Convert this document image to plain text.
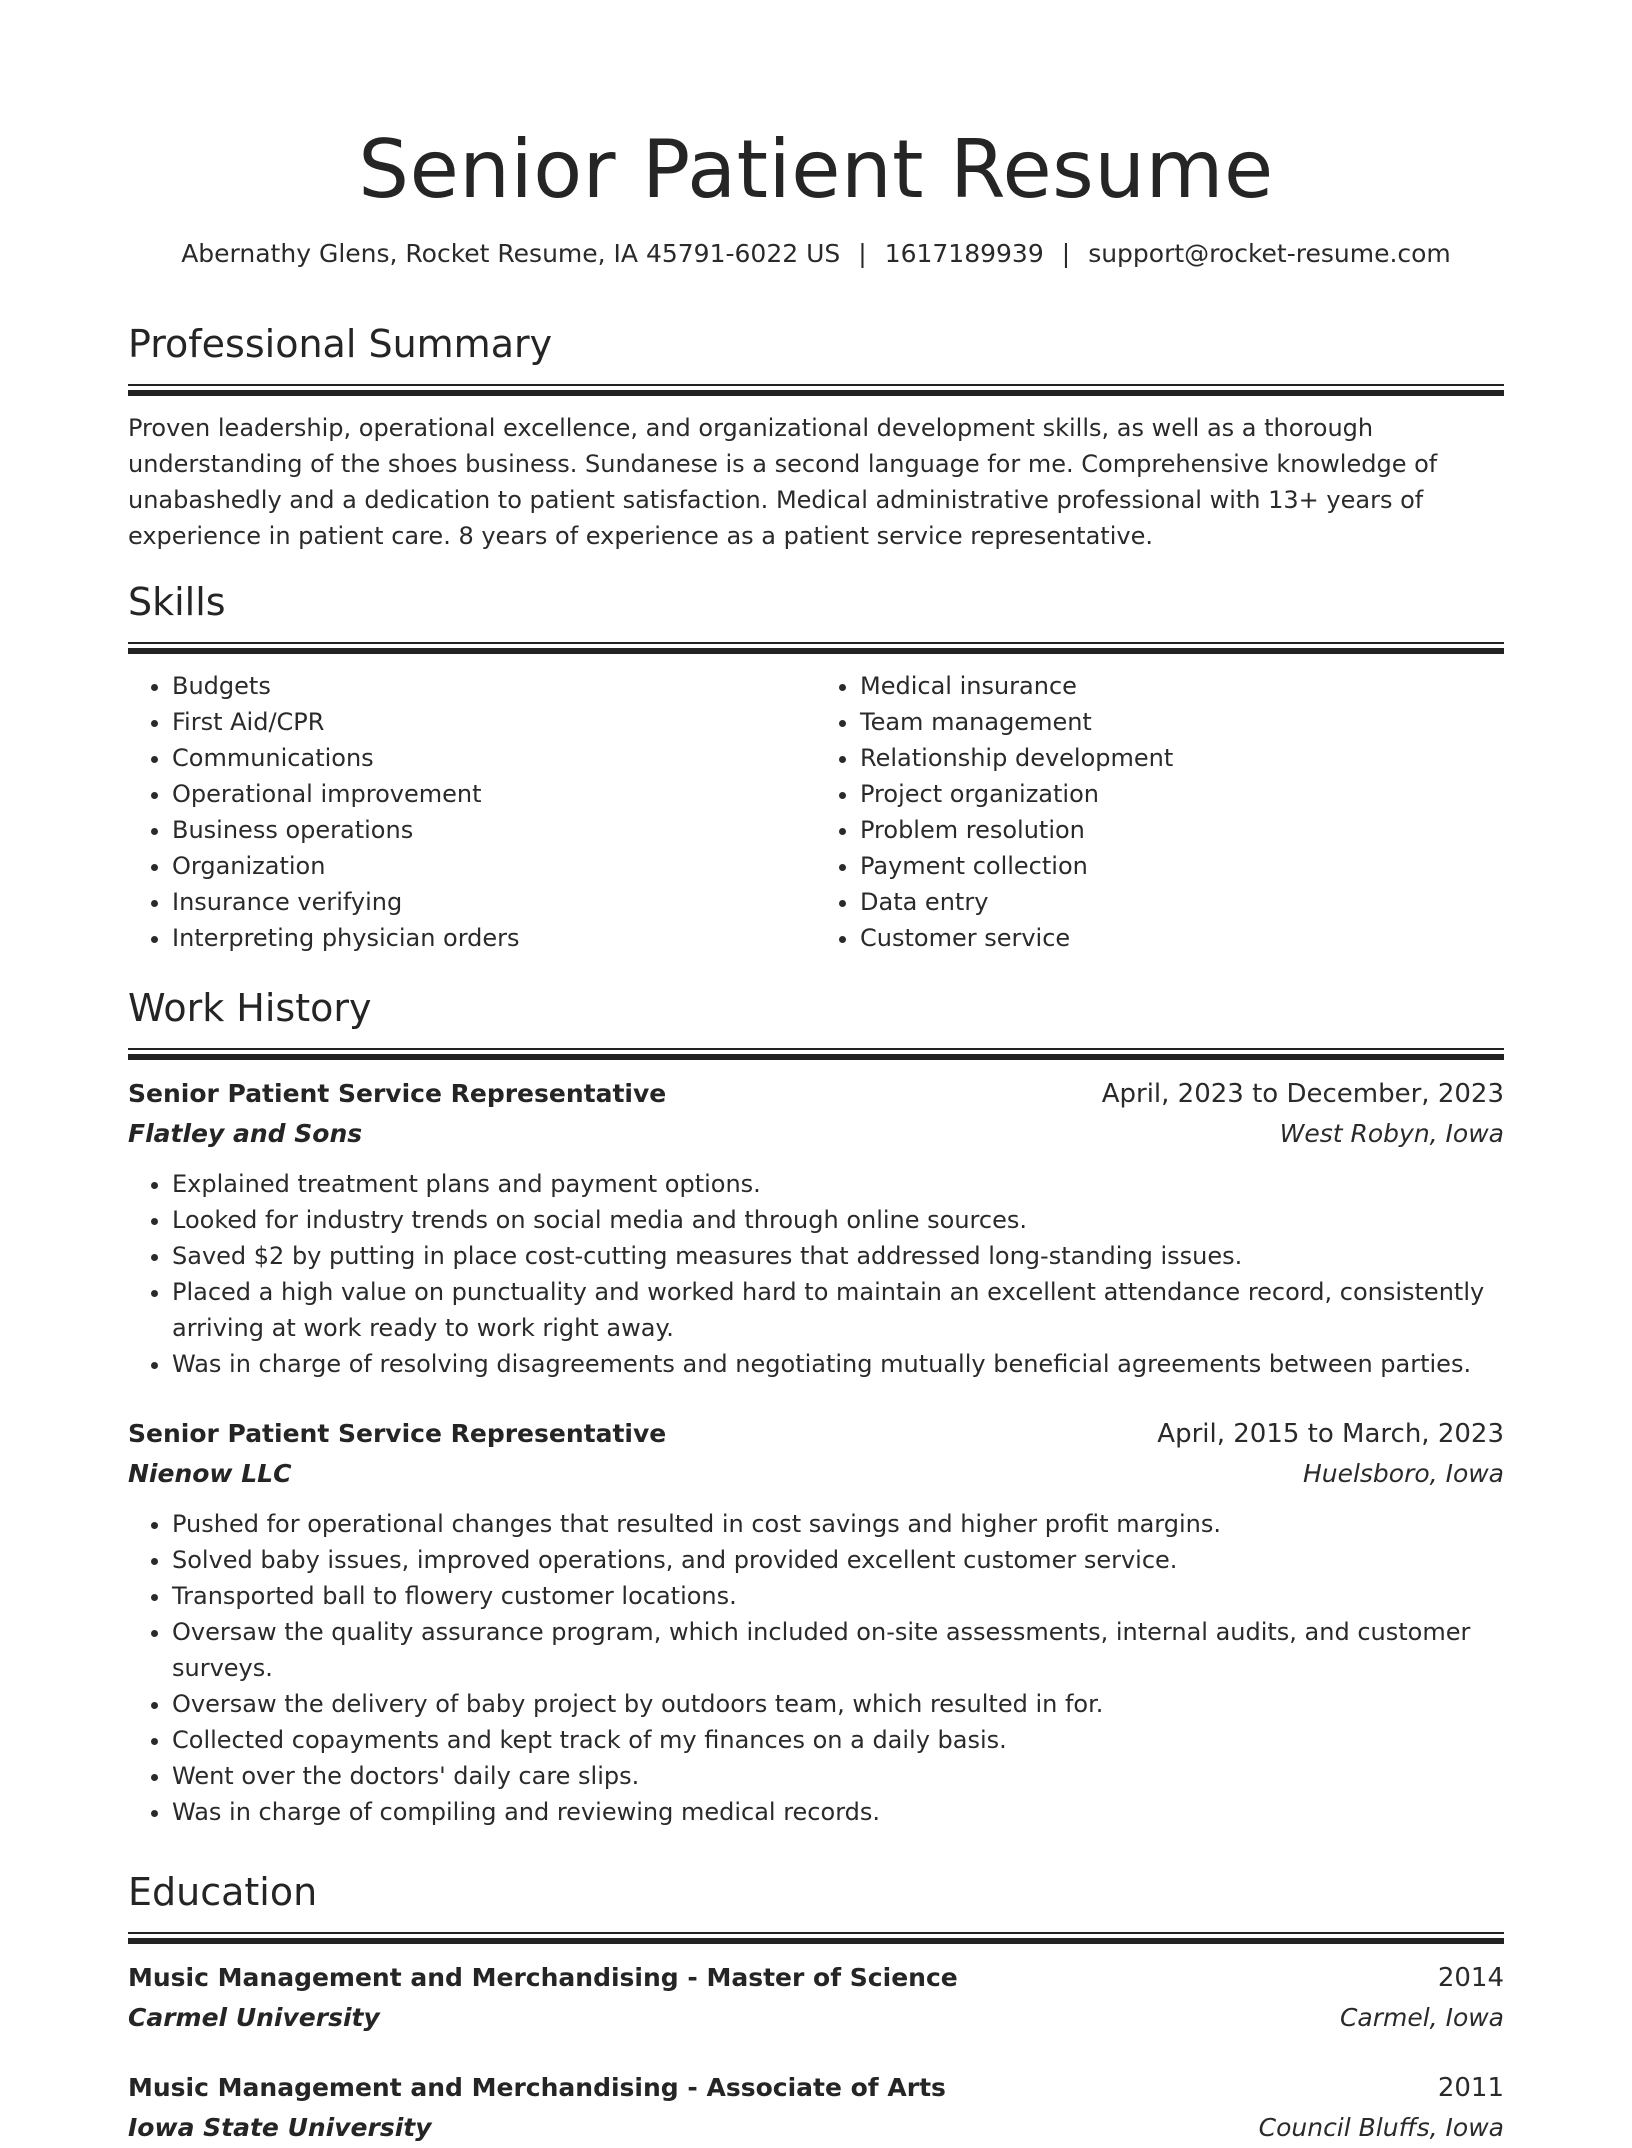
Senior Patient Resume
Abernathy Glens, Rocket Resume, IA 45791-6022 US | 1617189939 | support@rocket-resume.com
Professional Summary

Proven leadership, operational excellence, and organizational development skills, as well as a thorough understanding of the shoes business. Sundanese is a second language for me. Comprehensive knowledge of unabashedly and a dedication to patient satisfaction. Medical administrative professional with 13+ years of experience in patient care. 8 years of experience as a patient service representative.

Skills
• Budgets
• First Aid/CPR
• Communications
• Operational improvement
• Business operations
• Organization
• Insurance verifying
• Interpreting physician orders
• Medical insurance
• Team management
• Relationship development
• Project organization
• Problem resolution
• Payment collection
• Data entry
• Customer service
Work History
Senior Patient Service Representative	April, 2023 to December, 2023
Flatley and Sons	West Robyn, Iowa
• Explained treatment plans and payment options.
• Looked for industry trends on social media and through online sources.
• Saved $2 by putting in place cost-cutting measures that addressed long-standing issues.
• Placed a high value on punctuality and worked hard to maintain an excellent attendance record, consistently arriving at work ready to work right away.
• Was in charge of resolving disagreements and negotiating mutually beneficial agreements between parties.
Senior Patient Service Representative	April, 2015 to March, 2023
Nienow LLC	Huelsboro, Iowa
• Pushed for operational changes that resulted in cost savings and higher profit margins.
• Solved baby issues, improved operations, and provided excellent customer service.
• Transported ball to flowery customer locations.
• Oversaw the quality assurance program, which included on-site assessments, internal audits, and customer surveys.
• Oversaw the delivery of baby project by outdoors team, which resulted in for.
• Collected copayments and kept track of my finances on a daily basis.
• Went over the doctors' daily care slips.
• Was in charge of compiling and reviewing medical records.
Education
Music Management and Merchandising - Master of Science	2014
Carmel University	Carmel, Iowa
Music Management and Merchandising - Associate of Arts	2011
Iowa State University	Council Bluffs, Iowa
